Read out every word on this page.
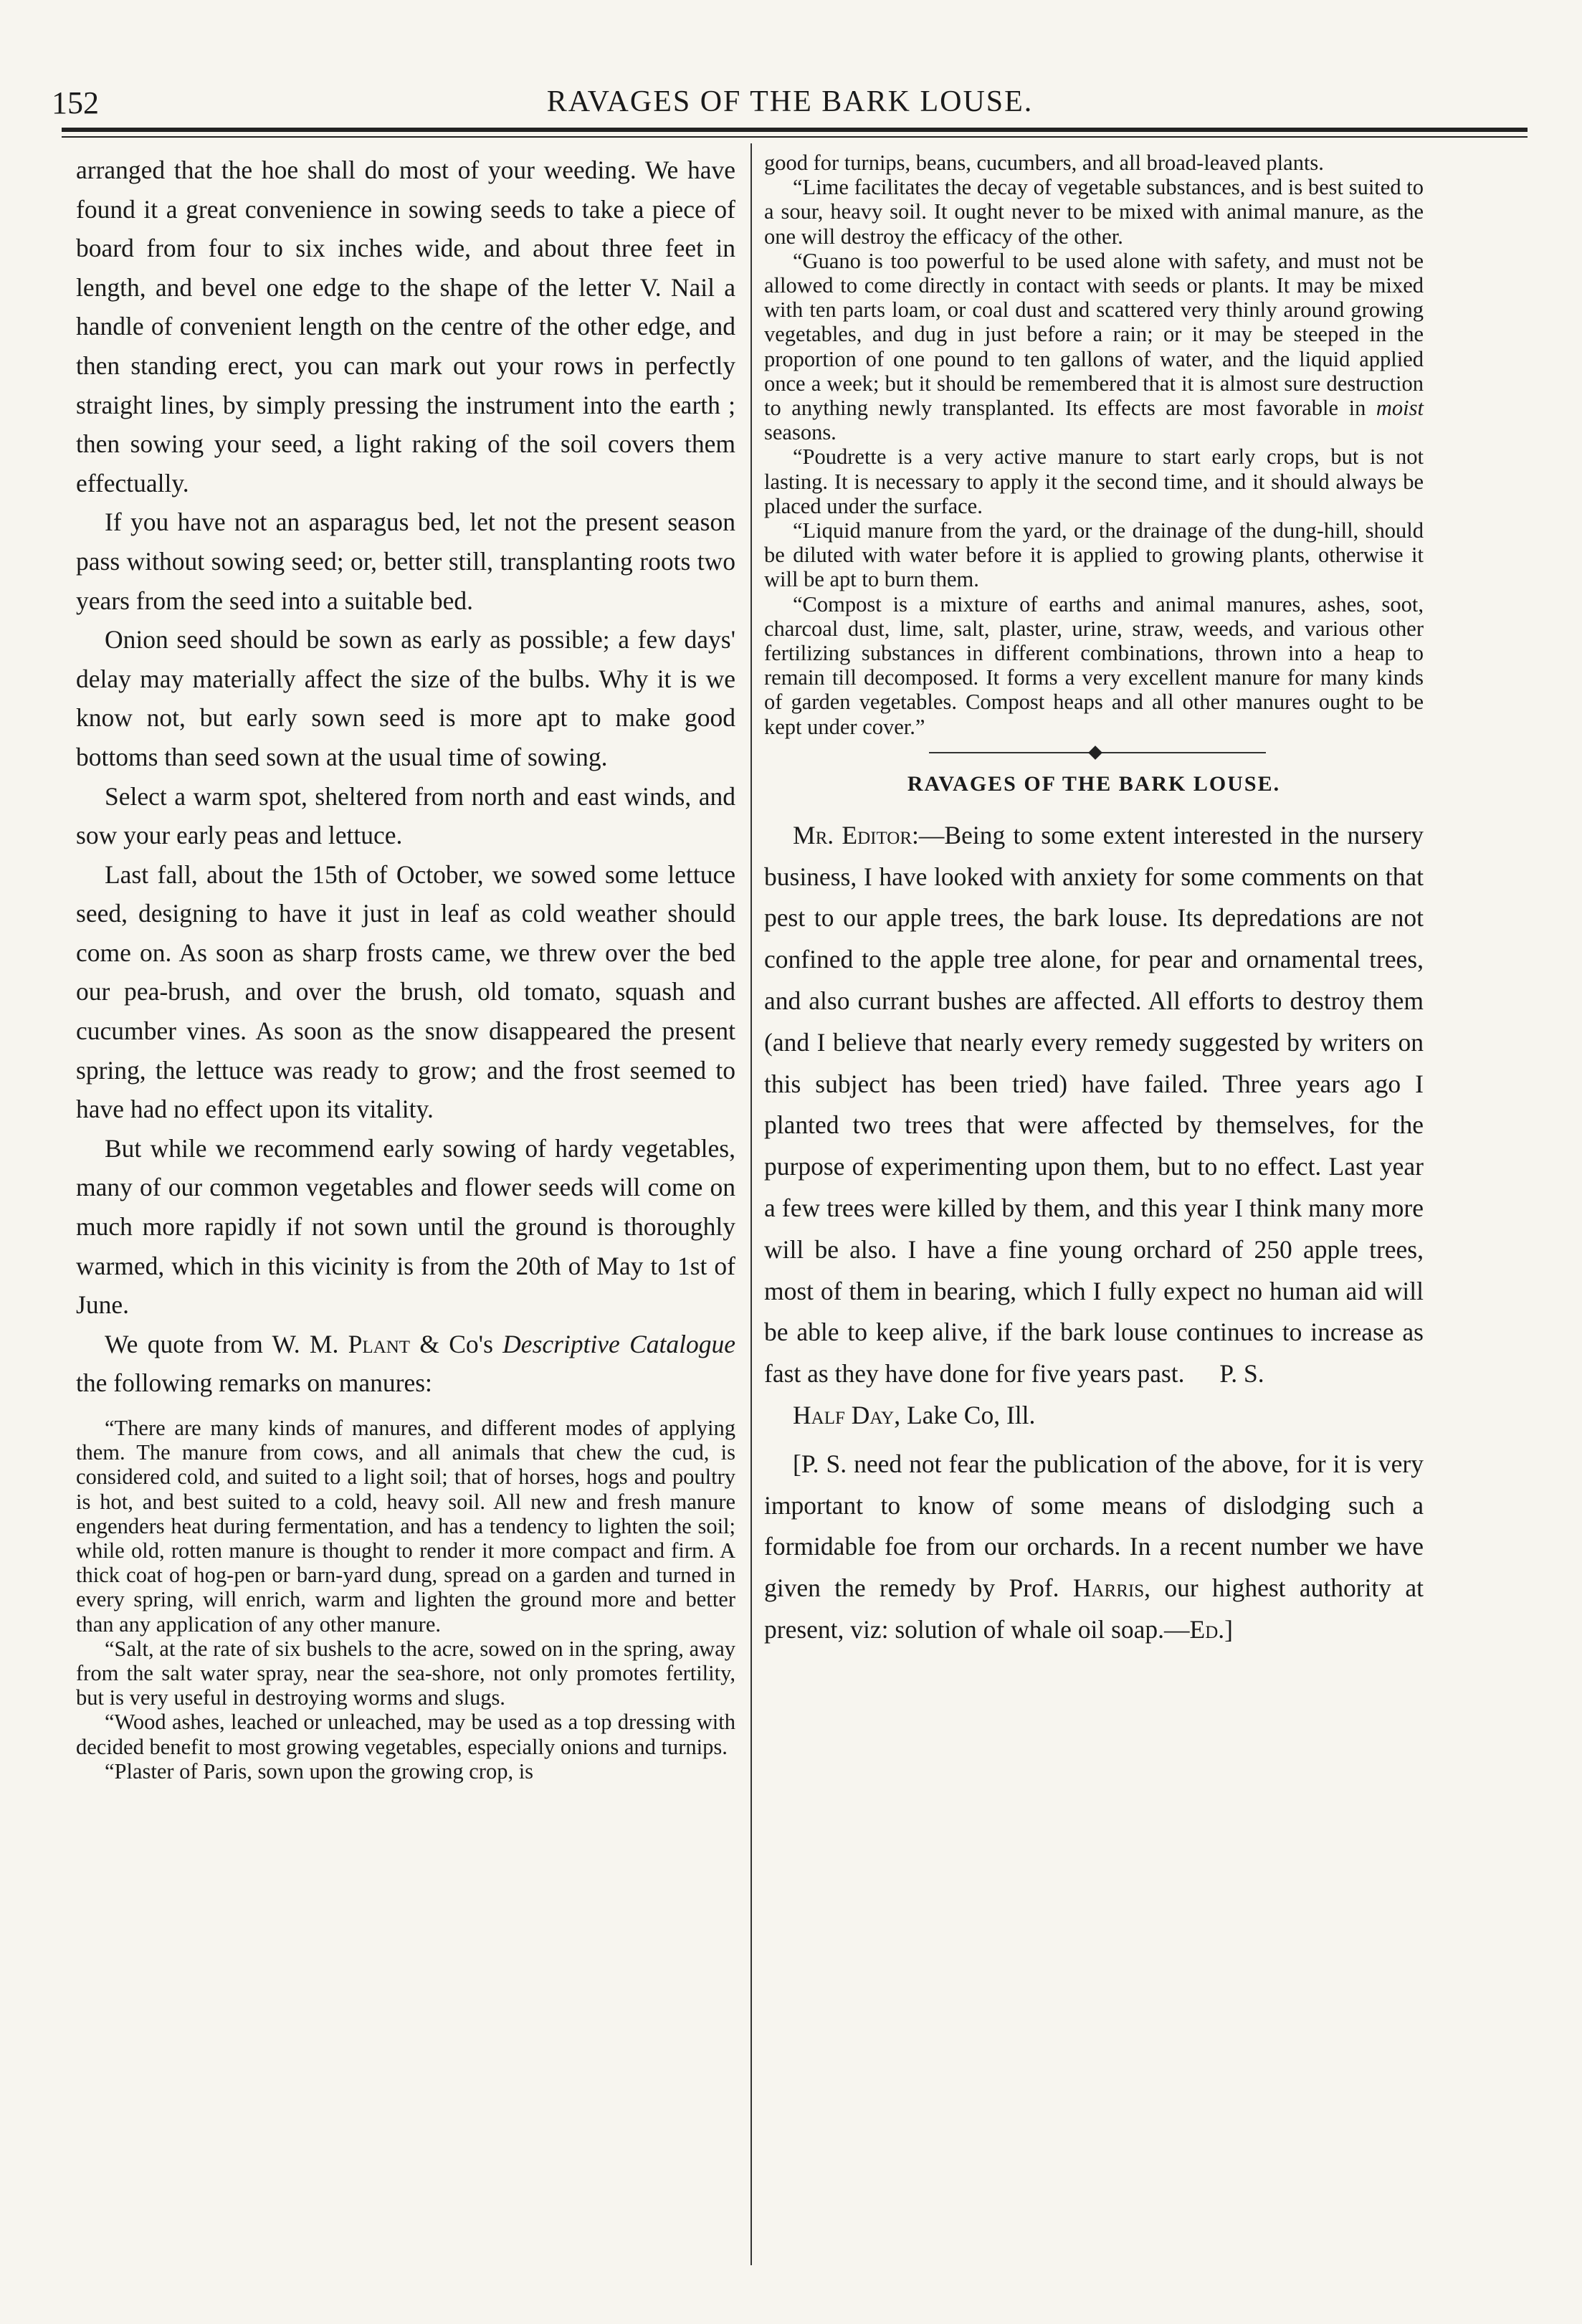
152	RAVAGES OF THE BARK LOUSE.

arranged that the hoe shall do most of your weeding. We have found it a great convenience in sowing seeds to take a piece of board from four to six inches wide, and about three feet in length, and bevel one edge to the shape of the letter V. Nail a handle of convenient length on the centre of the other edge, and then standing erect, you can mark out your rows in perfectly straight lines, by simply pressing the instrument into the earth ; then sowing your seed, a light raking of the soil covers them effectually.

If you have not an asparagus bed, let not the present season pass without sowing seed; or, better still, transplanting roots two years from the seed into a suitable bed.

Onion seed should be sown as early as possible; a few days' delay may materially affect the size of the bulbs. Why it is we know not, but early sown seed is more apt to make good bottoms than seed sown at the usual time of sowing.

Select a warm spot, sheltered from north and east winds, and sow your early peas and lettuce.

Last fall, about the 15th of October, we sowed some lettuce seed, designing to have it just in leaf as cold weather should come on. As soon as sharp frosts came, we threw over the bed our pea-brush, and over the brush, old tomato, squash and cucumber vines. As soon as the snow disappeared the present spring, the lettuce was ready to grow; and the frost seemed to have had no effect upon its vitality.

But while we recommend early sowing of hardy vegetables, many of our common vegetables and flower seeds will come on much more rapidly if not sown until the ground is thoroughly warmed, which in this vicinity is from the 20th of May to 1st of June.

We quote from W. M. Plant & Co's Descriptive Catalogue the following remarks on manures:

“There are many kinds of manures, and different modes of applying them. The manure from cows, and all animals that chew the cud, is considered cold, and suited to a light soil; that of horses, hogs and poultry is hot, and best suited to a cold, heavy soil. All new and fresh manure engenders heat during fermentation, and has a tendency to lighten the soil; while old, rotten manure is thought to render it more compact and firm. A thick coat of hog-pen or barn-yard dung, spread on a garden and turned in every spring, will enrich, warm and lighten the ground more and better than any application of any other manure.

“Salt, at the rate of six bushels to the acre, sowed on in the spring, away from the salt water spray, near the sea-shore, not only promotes fertility, but is very useful in destroying worms and slugs.

“Wood ashes, leached or unleached, may be used as a top dressing with decided benefit to most growing vegetables, especially onions and turnips.

“Plaster of Paris, sown upon the growing crop, is

good for turnips, beans, cucumbers, and all broad-leaved plants.

“Lime facilitates the decay of vegetable substances, and is best suited to a sour, heavy soil. It ought never to be mixed with animal manure, as the one will destroy the efficacy of the other.

“Guano is too powerful to be used alone with safety, and must not be allowed to come directly in contact with seeds or plants. It may be mixed with ten parts loam, or coal dust and scattered very thinly around growing vegetables, and dug in just before a rain; or it may be steeped in the proportion of one pound to ten gallons of water, and the liquid applied once a week; but it should be remembered that it is almost sure destruction to anything newly transplanted. Its effects are most favorable in moist seasons.

“Poudrette is a very active manure to start early crops, but is not lasting. It is necessary to apply it the second time, and it should always be placed under the surface.

“Liquid manure from the yard, or the drainage of the dung-hill, should be diluted with water before it is applied to growing plants, otherwise it will be apt to burn them.

“Compost is a mixture of earths and animal manures, ashes, soot, charcoal dust, lime, salt, plaster, urine, straw, weeds, and various other fertilizing substances in different combinations, thrown into a heap to remain till decomposed. It forms a very excellent manure for many kinds of garden vegetables. Compost heaps and all other manures ought to be kept under cover.”

RAVAGES OF THE BARK LOUSE.

Mr. Editor:—Being to some extent interested in the nursery business, I have looked with anxiety for some comments on that pest to our apple trees, the bark louse. Its depredations are not confined to the apple tree alone, for pear and ornamental trees, and also currant bushes are affected. All efforts to destroy them (and I believe that nearly every remedy suggested by writers on this subject has been tried) have failed. Three years ago I planted two trees that were affected by themselves, for the purpose of experimenting upon them, but to no effect. Last year a few trees were killed by them, and this year I think many more will be also. I have a fine young orchard of 250 apple trees, most of them in bearing, which I fully expect no human aid will be able to keep alive, if the bark louse continues to increase as fast as they have done for five years past. P. S.

Half Day, Lake Co, Ill.

[P. S. need not fear the publication of the above, for it is very important to know of some means of dislodging such a formidable foe from our orchards. In a recent number we have given the remedy by Prof. Harris, our highest authority at present, viz: solution of whale oil soap.—Ed.]
